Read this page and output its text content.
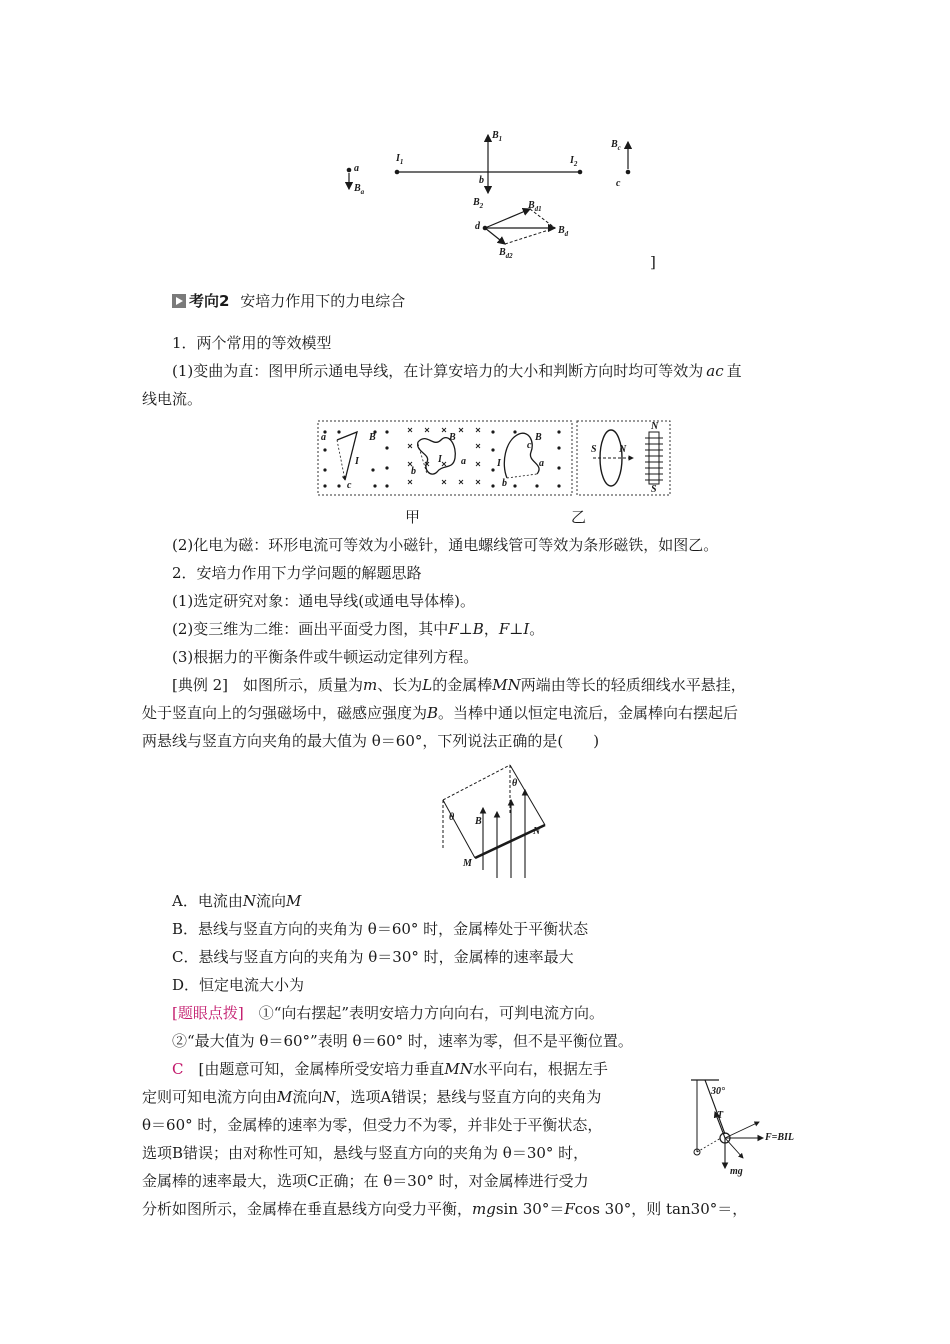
a
$B_a$
$I_1$
$B_1$
b
$I_2$
$B_c$
c
$B_2$
d
$B_{d1}$
$B_d$
$B_{d2}$	]
考向2 安培力作用下的力电综合
1．两个常用的等效模型
(1)变曲为直：图甲所示通电导线，在计算安培力的大小和判断方向时均可等效为 ac 直
线电流。
a	B
I
c
b
B
I a
B
I	a
b
c	S N
N
S
甲	乙
(2)化电为磁：环形电流可等效为小磁针，通电螺线管可等效为条形磁铁，如图乙。
2．安培力作用下力学问题的解题思路
(1)选定研究对象：通电导线(或通电导体棒)。
(2)变三维为二维：画出平面受力图，其中F⊥B，F⊥I。
(3)根据力的平衡条件或牛顿运动定律列方程。
[典例 2]　如图所示，质量为m、长为L的金属棒MN两端由等长的轻质细线水平悬挂，
处于竖直向上的匀强磁场中，磁感应强度为B。当棒中通以恒定电流后，金属棒向右摆起后
两悬线与竖直方向夹角的最大值为 θ＝60°，下列说法正确的是(　　)
θ
θ
B
M
N
A．电流由N流向M
B．悬线与竖直方向的夹角为 θ＝60° 时，金属棒处于平衡状态
C．悬线与竖直方向的夹角为 θ＝30° 时，金属棒的速率最大
D．恒定电流大小为
[题眼点拨]　①“向右摆起”表明安培力方向向右，可判电流方向。
②“最大值为 θ＝60°”表明 θ＝60° 时，速率为零，但不是平衡位置。
C　[由题意可知，金属棒所受安培力垂直MN水平向右，根据左手
定则可知电流方向由M流向N，选项A错误；悬线与竖直方向的夹角为
θ＝60° 时，金属棒的速率为零，但受力不为零，并非处于平衡状态，
选项B错误；由对称性可知，悬线与竖直方向的夹角为 θ＝30° 时，
金属棒的速率最大，选项C正确；在 θ＝30° 时，对金属棒进行受力
分析如图所示，金属棒在垂直悬线方向受力平衡，mgsin 30°＝Fcos 30°，则 tan30°＝，
30°
T
F=BIL
mg
